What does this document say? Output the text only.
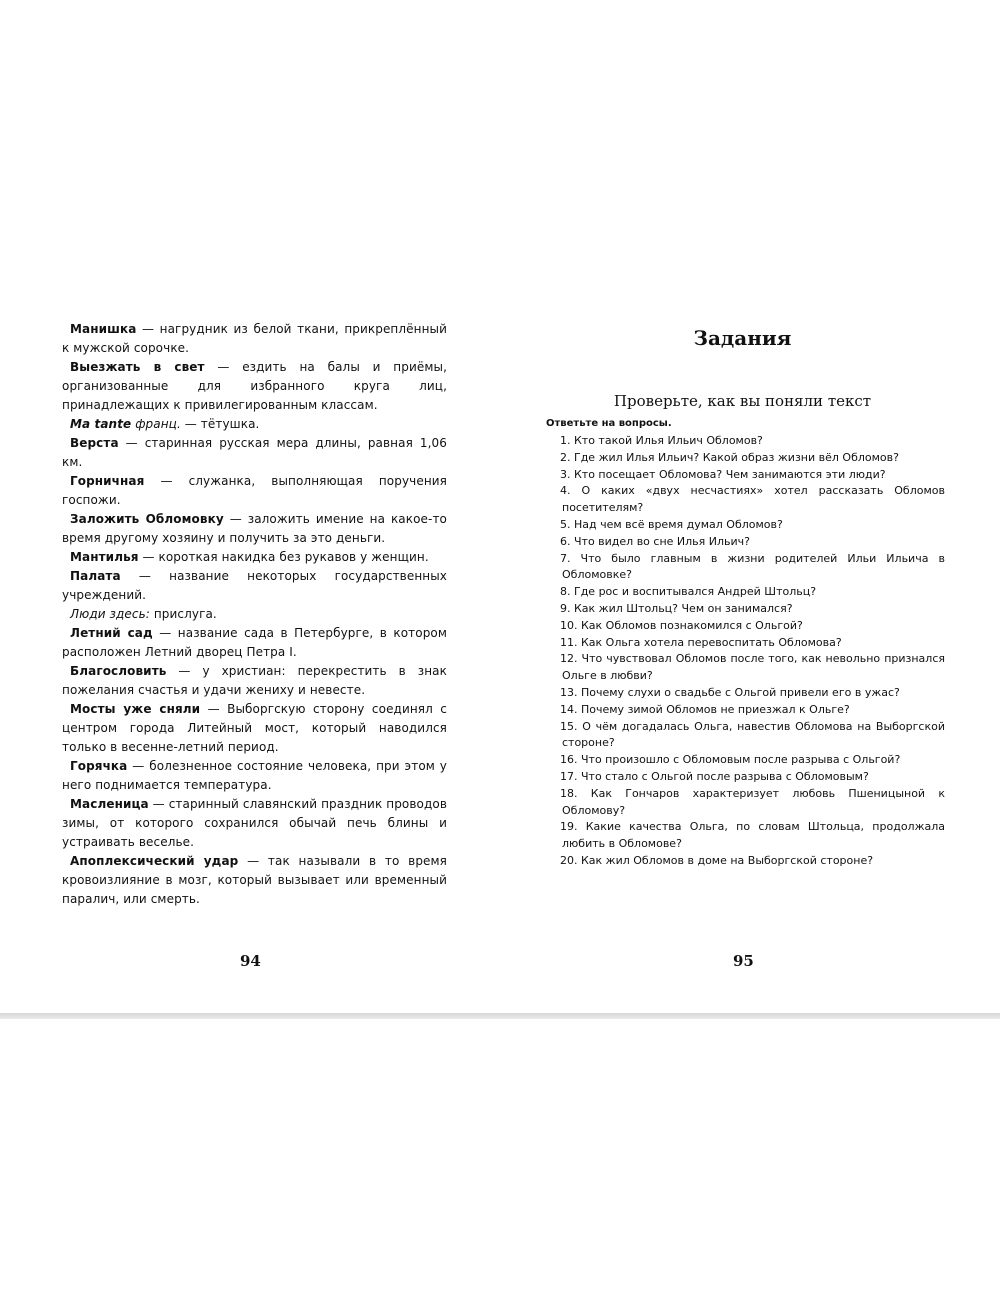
Манишка — нагрудник из белой ткани, прикреплённый к мужской сорочке.

Выезжать в свет — ездить на балы и приёмы, организованные для избранного круга лиц, принадлежащих к привилегированным классам.

Ma tante франц. — тётушка.

Верста — старинная русская мера длины, равная 1,06 км.

Горничная — служанка, выполняющая поручения госпожи.

Заложить Обломовку — заложить имение на какое-то время другому хозяину и получить за это деньги.

Мантилья — короткая накидка без рукавов у женщин.

Палата — название некоторых государственных учреждений.

Люди здесь: прислуга.

Летний сад — название сада в Петербурге, в котором расположен Летний дворец Петра I.

Благословить — у христиан: перекрестить в знак пожелания счастья и удачи жениху и невесте.

Мосты уже сняли — Выборгскую сторону соединял с центром города Литейный мост, который наводился только в весенне-летний период.

Горячка — болезненное состояние человека, при этом у него поднимается температура.

Масленица — старинный славянский праздник проводов зимы, от которого сохранился обычай печь блины и устраивать веселье.

Апоплексический удар — так называли в то время кровоизлияние в мозг, который вызывает или временный паралич, или смерть.

Задания
Проверьте, как вы поняли текст
Ответьте на вопросы.
1. Кто такой Илья Ильич Обломов?
2. Где жил Илья Ильич? Какой образ жизни вёл Обломов?
3. Кто посещает Обломова? Чем занимаются эти люди?
4. О каких «двух несчастиях» хотел рассказать Обломов посетителям?
5. Над чем всё время думал Обломов?
6. Что видел во сне Илья Ильич?
7. Что было главным в жизни родителей Ильи Ильича в Обломовке?
8. Где рос и воспитывался Андрей Штольц?
9. Как жил Штольц? Чем он занимался?
10. Как Обломов познакомился с Ольгой?
11. Как Ольга хотела перевоспитать Обломова?
12. Что чувствовал Обломов после того, как невольно признался Ольге в любви?
13. Почему слухи о свадьбе с Ольгой привели его в ужас?
14. Почему зимой Обломов не приезжал к Ольге?
15. О чём догадалась Ольга, навестив Обломова на Выборгской стороне?
16. Что произошло с Обломовым после разрыва с Ольгой?
17. Что стало с Ольгой после разрыва с Обломовым?
18. Как Гончаров характеризует любовь Пшеницыной к Обломову?
19. Какие качества Ольга, по словам Штольца, продолжала любить в Обломове?
20. Как жил Обломов в доме на Выборгской стороне?
94	95
